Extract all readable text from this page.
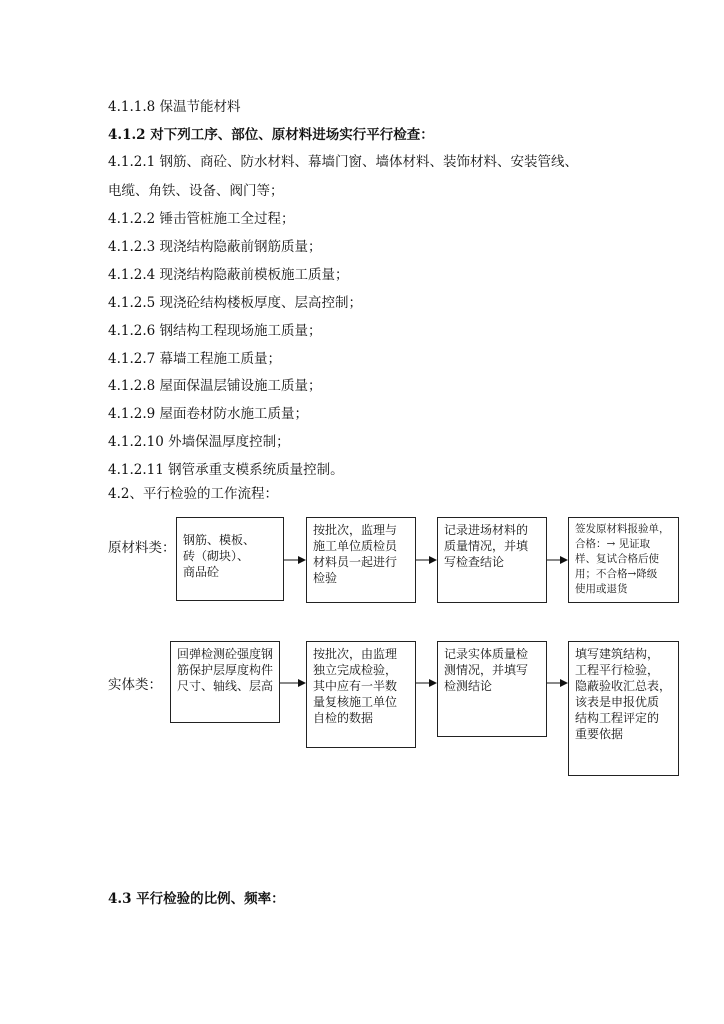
4.1.1.8 保温节能材料
4.1.2 对下列工序、部位、原材料进场实行平行检查：
4.1.2.1 钢筋、商砼、防水材料、幕墙门窗、墙体材料、装饰材料、安装管线、
电缆、角铁、设备、阀门等；
4.1.2.2 锤击管桩施工全过程；
4.1.2.3 现浇结构隐蔽前钢筋质量；
4.1.2.4 现浇结构隐蔽前模板施工质量；
4.1.2.5 现浇砼结构楼板厚度、层高控制；
4.1.2.6 钢结构工程现场施工质量；
4.1.2.7 幕墙工程施工质量；
4.1.2.8 屋面保温层铺设施工质量；
4.1.2.9 屋面卷材防水施工质量；
4.1.2.10 外墙保温厚度控制；
4.1.2.11 钢管承重支模系统质量控制。
4.2、平行检验的工作流程：
原材料类： 钢筋、模板、
砖（砌块）、
商品砼
按批次，监理与
施工单位质检员
材料员一起进行
检验
记录进场材料的
质量情况，并填
写检查结论
签发原材料报验单，
合格：→ 见证取
样、复试合格后使
用；不合格→降级
使用或退货
实体类：
回弹检测砼强度钢
筋保护层厚度构件
尺寸、轴线、层高
按批次，由监理
独立完成检验，
其中应有一半数
量复核施工单位
自检的数据
记录实体质量检
测情况，并填写
检测结论
填写建筑结构，
工程平行检验，
隐蔽验收汇总表，
该表是申报优质
结构工程评定的
重要依据
4.3 平行检验的比例、频率：
